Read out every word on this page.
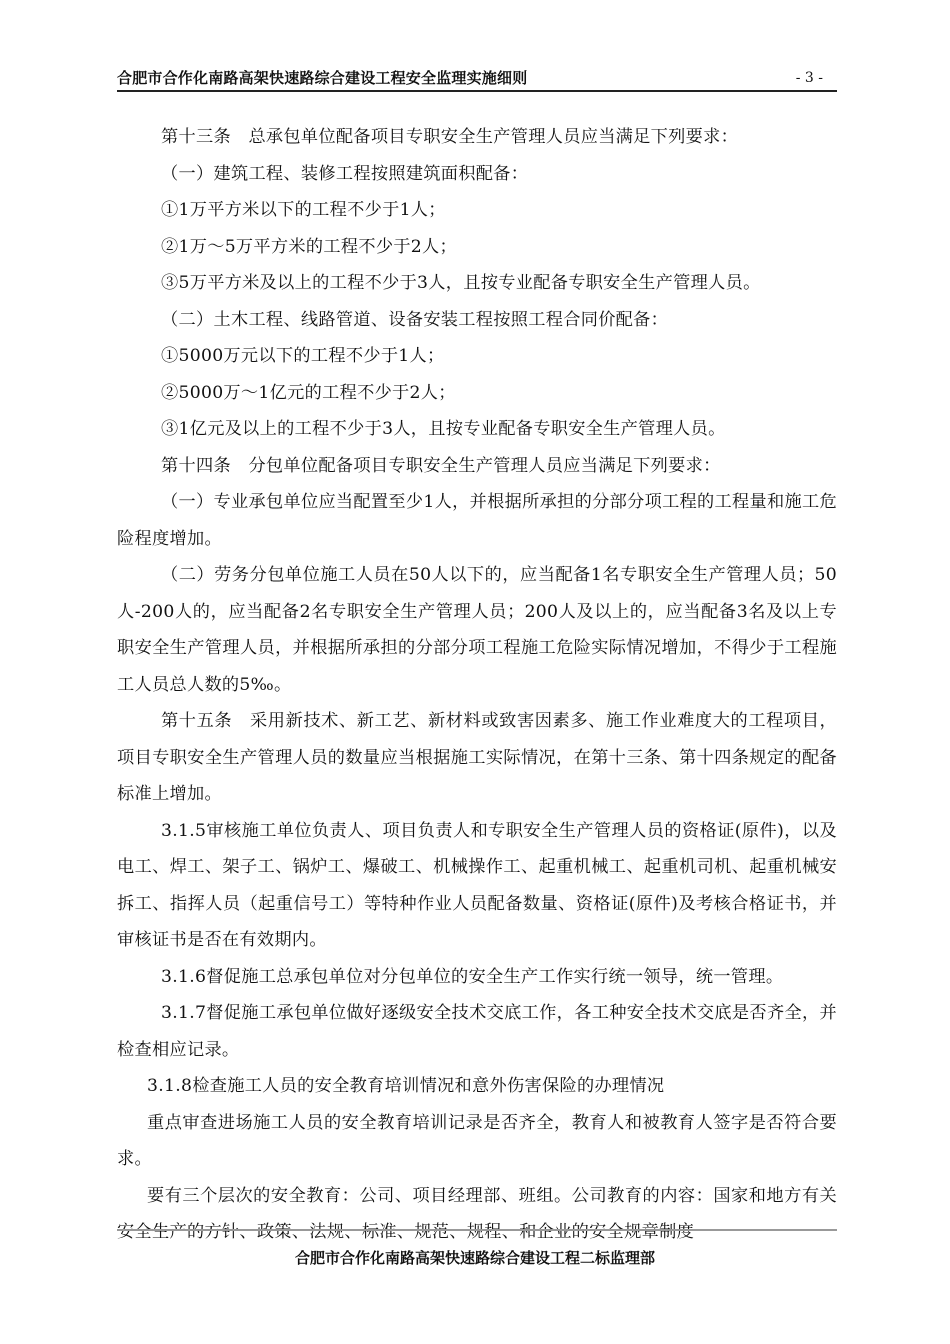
合肥市合作化南路高架快速路综合建设工程安全监理实施细则	- 3 -

第十三条　总承包单位配备项目专职安全生产管理人员应当满足下列要求：

（一）建筑工程、装修工程按照建筑面积配备：

①1万平方米以下的工程不少于1人；

②1万～5万平方米的工程不少于2人；

③5万平方米及以上的工程不少于3人，且按专业配备专职安全生产管理人员。

（二）土木工程、线路管道、设备安装工程按照工程合同价配备：

①5000万元以下的工程不少于1人；

②5000万～1亿元的工程不少于2人；

③1亿元及以上的工程不少于3人，且按专业配备专职安全生产管理人员。

第十四条　分包单位配备项目专职安全生产管理人员应当满足下列要求：

（一）专业承包单位应当配置至少1人，并根据所承担的分部分项工程的工程量和施工危险程度增加。

（二）劳务分包单位施工人员在50人以下的，应当配备1名专职安全生产管理人员；50人-200人的，应当配备2名专职安全生产管理人员；200人及以上的，应当配备3名及以上专职安全生产管理人员，并根据所承担的分部分项工程施工危险实际情况增加，不得少于工程施工人员总人数的5‰。

第十五条　采用新技术、新工艺、新材料或致害因素多、施工作业难度大的工程项目，项目专职安全生产管理人员的数量应当根据施工实际情况，在第十三条、第十四条规定的配备标准上增加。

3.1.5审核施工单位负责人、项目负责人和专职安全生产管理人员的资格证(原件)，以及电工、焊工、架子工、锅炉工、爆破工、机械操作工、起重机械工、起重机司机、起重机械安拆工、指挥人员（起重信号工）等特种作业人员配备数量、资格证(原件)及考核合格证书，并审核证书是否在有效期内。

3.1.6督促施工总承包单位对分包单位的安全生产工作实行统一领导，统一管理。

3.1.7督促施工承包单位做好逐级安全技术交底工作，各工种安全技术交底是否齐全，并检查相应记录。

3.1.8检查施工人员的安全教育培训情况和意外伤害保险的办理情况

重点审查进场施工人员的安全教育培训记录是否齐全，教育人和被教育人签字是否符合要求。

要有三个层次的安全教育：公司、项目经理部、班组。公司教育的内容：国家和地方有关安全生产的方针、政策、法规、标准、规范、规程、和企业的安全规章制度

合肥市合作化南路高架快速路综合建设工程二标监理部
